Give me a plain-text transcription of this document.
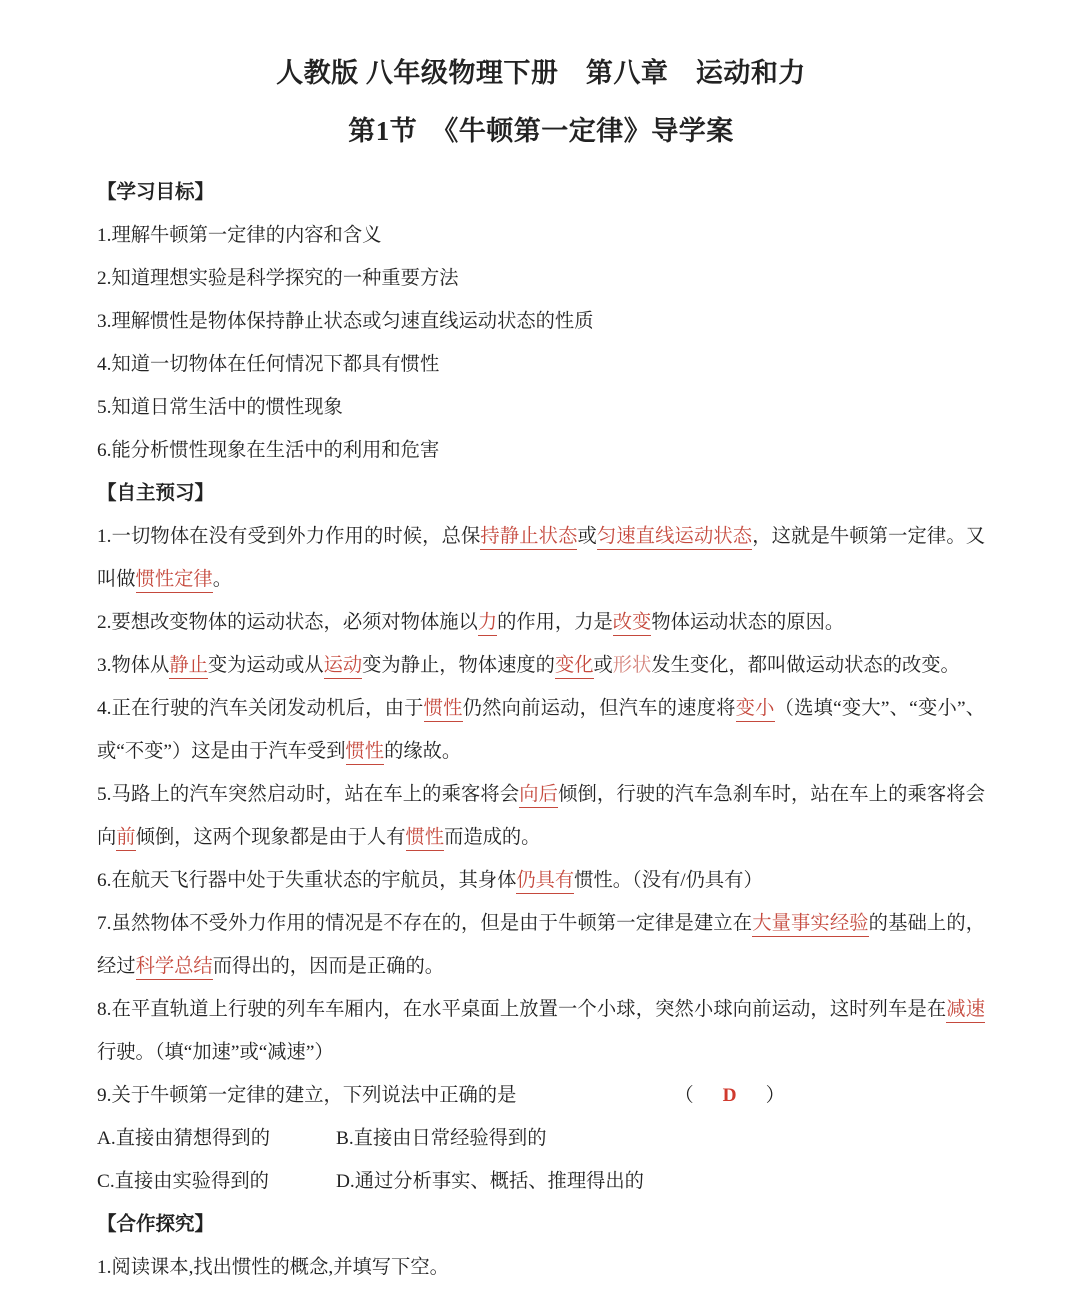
人教版 八年级物理下册　第八章　运动和力
第1节　《牛顿第一定律》导学案

【学习目标】

1.理解牛顿第一定律的内容和含义

2.知道理想实验是科学探究的一种重要方法

3.理解惯性是物体保持静止状态或匀速直线运动状态的性质

4.知道一切物体在任何情况下都具有惯性

5.知道日常生活中的惯性现象

6.能分析惯性现象在生活中的利用和危害

【自主预习】

1.一切物体在没有受到外力作用的时候，总保持静止状态或匀速直线运动状态，这就是牛顿第一定律。又叫做惯性定律。

2.要想改变物体的运动状态，必须对物体施以力的作用，力是改变物体运动状态的原因。

3.物体从静止变为运动或从运动变为静止，物体速度的变化或形状发生变化，都叫做运动状态的改变。

4.正在行驶的汽车关闭发动机后，由于惯性仍然向前运动，但汽车的速度将变小（选填“变大”、“变小”、或“不变”）这是由于汽车受到惯性的缘故。

5.马路上的汽车突然启动时，站在车上的乘客将会向后倾倒，行驶的汽车急刹车时，站在车上的乘客将会向前倾倒，这两个现象都是由于人有惯性而造成的。

6.在航天飞行器中处于失重状态的宇航员，其身体仍具有惯性。（没有/仍具有）

7.虽然物体不受外力作用的情况是不存在的，但是由于牛顿第一定律是建立在大量事实经验的基础上的，经过科学总结而得出的，因而是正确的。

8.在平直轨道上行驶的列车车厢内，在水平桌面上放置一个小球，突然小球向前运动，这时列车是在减速行驶。（填“加速”或“减速”）

9.关于牛顿第一定律的建立，下列说法中正确的是	（ D ）

A.直接由猜想得到的	B.直接由日常经验得到的

C.直接由实验得到的	D.通过分析事实、概括、推理得出的

【合作探究】

1.阅读课本,找出惯性的概念,并填写下空。
